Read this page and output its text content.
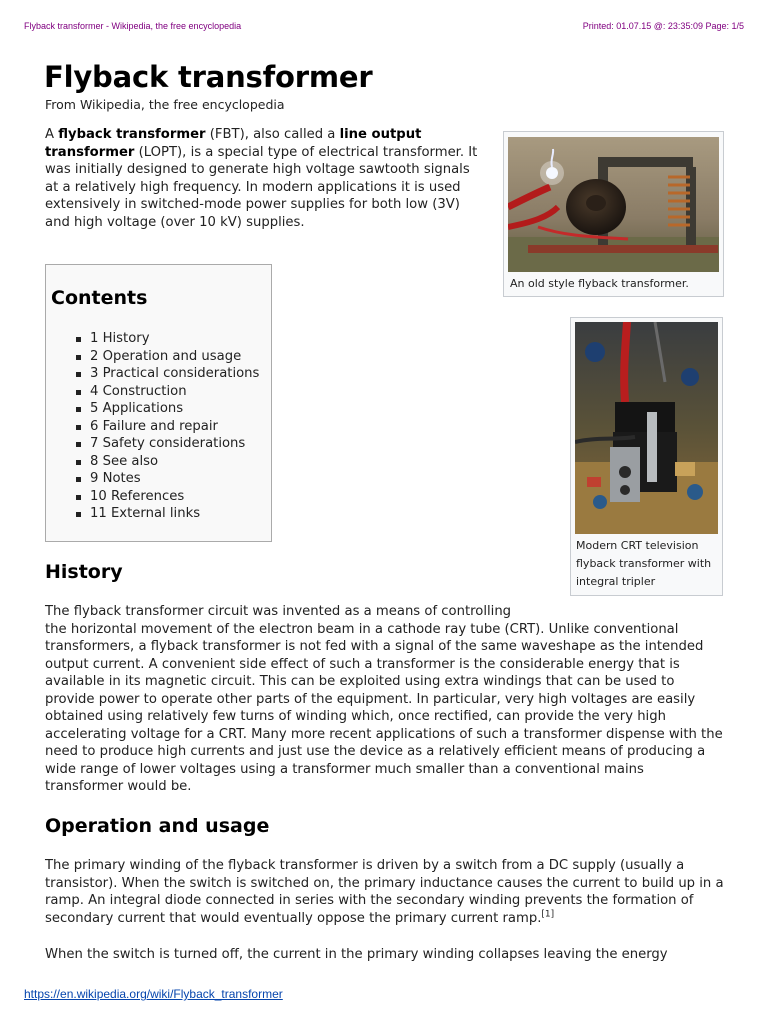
Flyback transformer - Wikipedia, the free encyclopedia	Printed: 01.07.15 @: 23:35:09 Page: 1/5
Flyback transformer
From Wikipedia, the free encyclopedia

A flyback transformer (FBT), also called a line output transformer (LOPT), is a special type of electrical transformer. It was initially designed to generate high voltage sawtooth signals at a relatively high frequency. In modern applications it is used extensively in switched-mode power supplies for both low (3V) and high voltage (over 10 kV) supplies.

An old style flyback transformer.
Modern CRT television flyback transformer with integral tripler
Contents
1 History
2 Operation and usage
3 Practical considerations
4 Construction
5 Applications
6 Failure and repair
7 Safety considerations
8 See also
9 Notes
10 References
11 External links
History

The flyback transformer circuit was invented as a means of controlling
the horizontal movement of the electron beam in a cathode ray tube (CRT). Unlike conventional transformers, a flyback transformer is not fed with a signal of the same waveshape as the intended output current. A convenient side effect of such a transformer is the considerable energy that is available in its magnetic circuit. This can be exploited using extra windings that can be used to provide power to operate other parts of the equipment. In particular, very high voltages are easily obtained using relatively few turns of winding which, once rectified, can provide the very high accelerating voltage for a CRT. Many more recent applications of such a transformer dispense with the need to produce high currents and just use the device as a relatively efficient means of producing a wide range of lower voltages using a transformer much smaller than a conventional mains transformer would be.

Operation and usage

The primary winding of the flyback transformer is driven by a switch from a DC supply (usually a transistor). When the switch is switched on, the primary inductance causes the current to build up in a ramp. An integral diode connected in series with the secondary winding prevents the formation of secondary current that would eventually oppose the primary current ramp.[1]

When the switch is turned off, the current in the primary winding collapses leaving the energy

https://en.wikipedia.org/wiki/Flyback_transformer
